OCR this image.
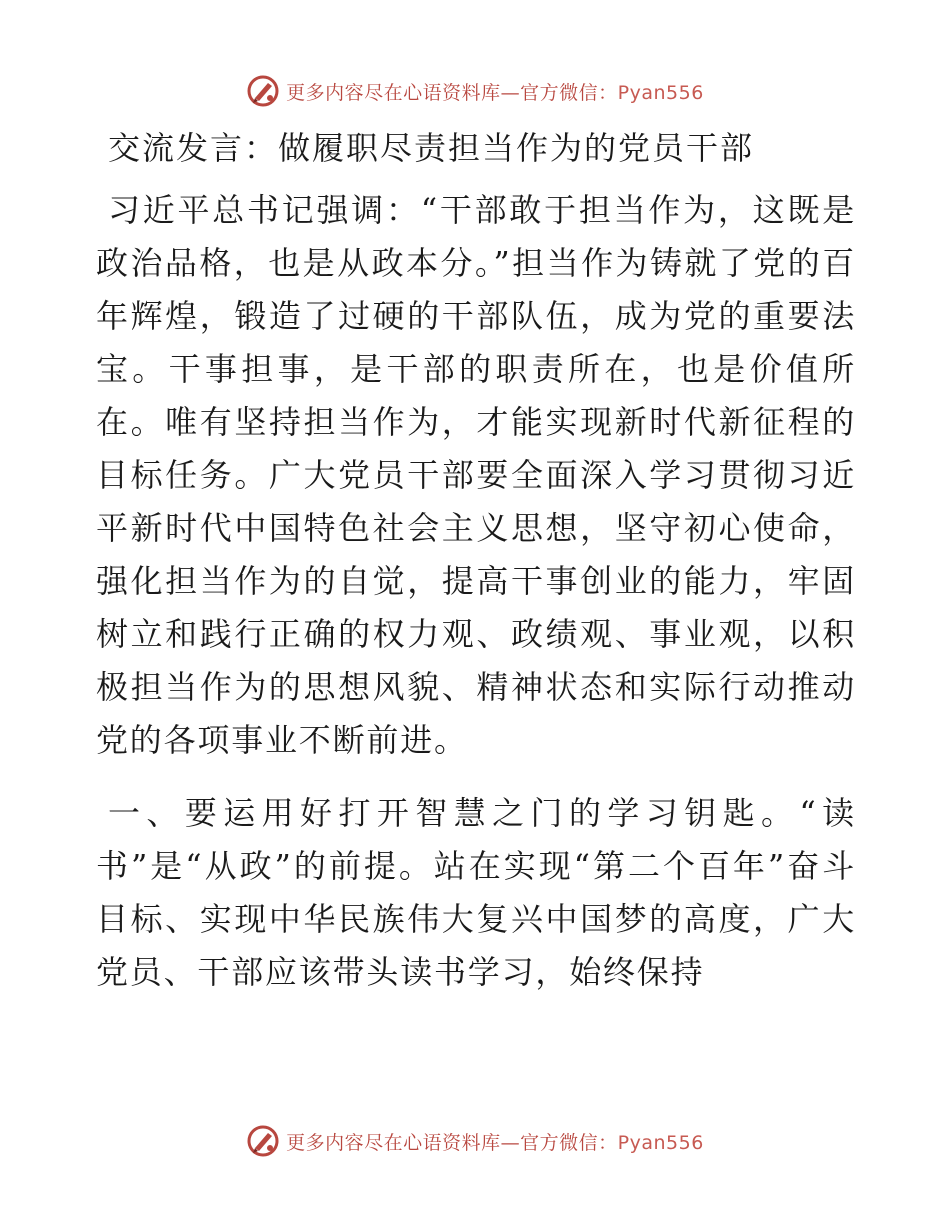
更多内容尽在心语资料库—官方微信：Pyan556
交流发言：做履职尽责担当作为的党员干部

习近平总书记强调：“干部敢于担当作为，这既是政治品格，也是从政本分。”担当作为铸就了党的百年辉煌，锻造了过硬的干部队伍，成为党的重要法宝。干事担事，是干部的职责所在，也是价值所在。唯有坚持担当作为，才能实现新时代新征程的目标任务。广大党员干部要全面深入学习贯彻习近平新时代中国特色社会主义思想，坚守初心使命，强化担当作为的自觉，提高干事创业的能力，牢固树立和践行正确的权力观、政绩观、事业观，以积极担当作为的思想风貌、精神状态和实际行动推动党的各项事业不断前进。

一、要运用好打开智慧之门的学习钥匙。“读书”是“从政”的前提。站在实现“第二个百年”奋斗目标、实现中华民族伟大复兴中国梦的高度，广大党员、干部应该带头读书学习，始终保持

更多内容尽在心语资料库—官方微信：Pyan556
